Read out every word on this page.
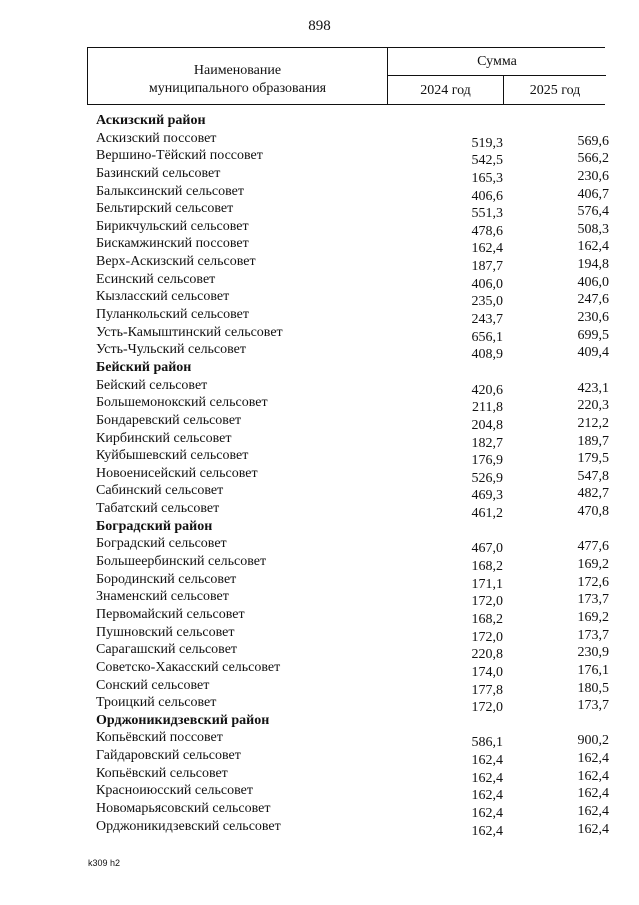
898
Наименование
муниципального образования
Сумма
2024 год	2025 год
Аскизский район
Аскизский поссовет	519,3	569,6
Вершино-Тёйский поссовет	542,5	566,2
Базинский сельсовет	165,3	230,6
Балыксинский сельсовет	406,6	406,7
Бельтирский сельсовет	551,3	576,4
Бирикчульский сельсовет	478,6	508,3
Бискамжинский поссовет	162,4	162,4
Верх-Аскизский сельсовет	187,7	194,8
Есинский сельсовет	406,0	406,0
Кызласский сельсовет	235,0	247,6
Пуланкольский сельсовет	243,7	230,6
Усть-Камыштинский сельсовет	656,1	699,5
Усть-Чульский сельсовет	408,9	409,4
Бейский район
Бейский сельсовет	420,6	423,1
Большемонокский сельсовет	211,8	220,3
Бондаревский сельсовет	204,8	212,2
Кирбинский сельсовет	182,7	189,7
Куйбышевский сельсовет	176,9	179,5
Новоенисейский сельсовет	526,9	547,8
Сабинский сельсовет	469,3	482,7
Табатский сельсовет	461,2	470,8
Боградский район
Боградский сельсовет	467,0	477,6
Большеербинский сельсовет	168,2	169,2
Бородинский сельсовет	171,1	172,6
Знаменский сельсовет	172,0	173,7
Первомайский сельсовет	168,2	169,2
Пушновский сельсовет	172,0	173,7
Сарагашский сельсовет	220,8	230,9
Советско-Хакасский сельсовет	174,0	176,1
Сонский сельсовет	177,8	180,5
Троицкий сельсовет	172,0	173,7
Орджоникидзевский район
Копьёвский поссовет	586,1	900,2
Гайдаровский сельсовет	162,4	162,4
Копьёвский сельсовет	162,4	162,4
Красноиюсский сельсовет	162,4	162,4
Новомарьясовский сельсовет	162,4	162,4
Орджоникидзевский сельсовет	162,4	162,4
k309 h2
